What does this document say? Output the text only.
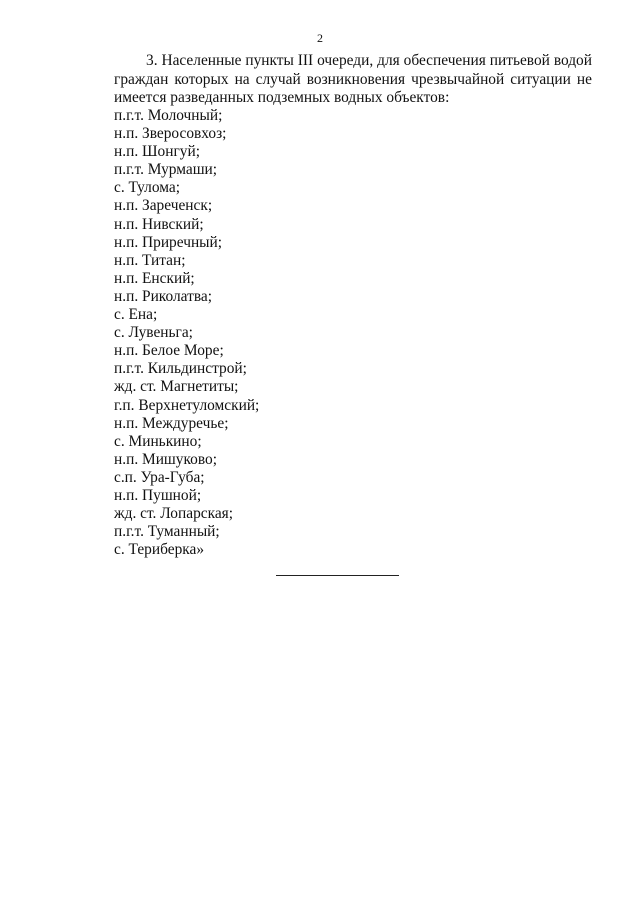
2

3. Населенные пункты III очереди, для обеспечения питьевой водой граждан которых на случай возникновения чрезвычайной ситуации не имеется разведанных подземных водных объектов:

п.г.т. Молочный;
н.п. Зверосовхоз;
н.п. Шонгуй;
п.г.т. Мурмаши;
с. Тулома;
н.п. Зареченск;
н.п. Нивский;
н.п. Приречный;
н.п. Титан;
н.п. Енский;
н.п. Риколатва;
с. Ена;
с. Лувеньга;
н.п. Белое Море;
п.г.т. Кильдинстрой;
жд. ст. Магнетиты;
г.п. Верхнетуломский;
н.п. Междуречье;
с. Минькино;
н.п. Мишуково;
с.п. Ура-Губа;
н.п. Пушной;
жд. ст. Лопарская;
п.г.т. Туманный;
с. Териберка»
